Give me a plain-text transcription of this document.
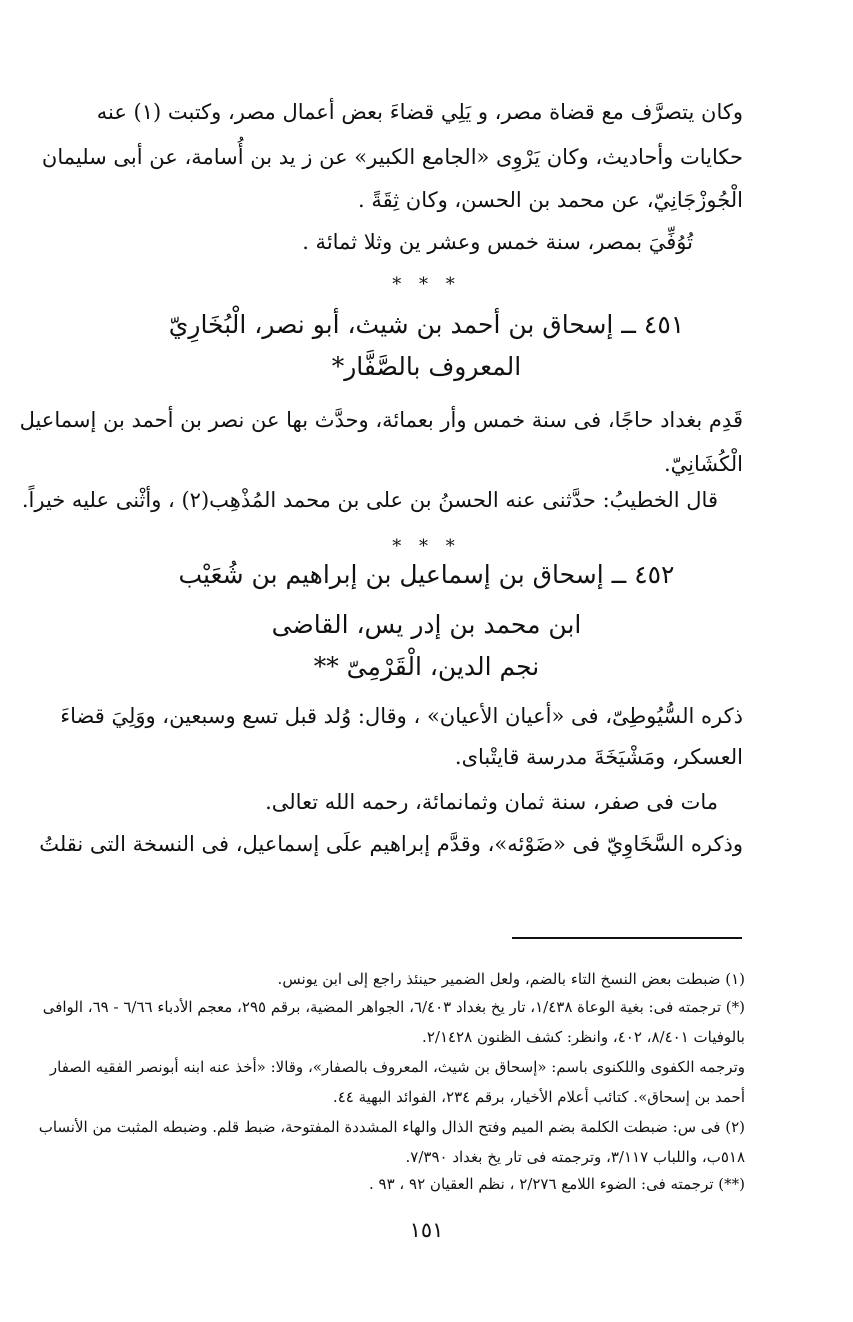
وكان يتصرَّف مع قضاة مصر، و يَلِي قضاءَ بعض أعمال مصر، وكتبت (١) عنه
حكايات وأحاديث، وكان يَرْوِى «الجامع الكبير» عن ز يد بن أُسامة، عن أبى سليمان
الْجُوزْجَانِيّ، عن محمد بن الحسن، وكان ثِقَةً .
تُوُفِّيَ بمصر، سنة خمس وعشر ين وثلا ثمائة .
* * *
٤٥١ ــ إسحاق بن أحمد بن شيث، أبو نصر، الْبُخَارِيّ
المعروف بالصَّفَّار*
قَدِم بغداد حاجًا، فى سنة خمس وأر بعمائة، وحدَّث بها عن نصر بن أحمد بن إسماعيل
الْكُشَانِيّ.
قال الخطيبُ: حدَّثنى عنه الحسنُ بن على بن محمد المُذْهِب(٢) ، وأثْنى عليه خيراً.
* * *
٤٥٢ ــ إسحاق بن إسماعيل بن إبراهيم بن شُعَيْب
ابن محمد بن إدر يس، القاضى
نجم الدين، الْقَرْمِىّ **
ذكره السُّيُوطِىّ، فى «أعيان الأعيان» ، وقال: وُلد قبل تسع وسبعين، ووَلِيَ قضاءَ
العسكر، ومَشْيَخَةَ مدرسة قايتْباى.
مات فى صفر، سنة ثمان وثمانمائة، رحمه الله تعالى.
وذكره السَّخَاوِيّ فى «ضَوْئه»، وقدَّم إبراهيم علَى إسماعيل، فى النسخة التى نقلتُ
(١) ضبطت بعض النسخ التاء بالضم، ولعل الضمير حينئذ راجع إلى ابن يونس.
(*) ترجمته فى: بغية الوعاة ١/٤٣٨، تار يخ بغداد ٦/٤٠٣، الجواهر المضية، برقم ٢٩٥، معجم الأدباء ٦/٦٦ - ٦٩، الوافى
بالوفيات ٨/٤٠١، ٤٠٢، وانظر: كشف الظنون ٢/١٤٢٨.
وترجمه الكفوى واللكنوى باسم: «إسحاق بن شيث، المعروف بالصفار»، وقالا: «أخذ عنه ابنه أبونصر الفقيه الصفار
أحمد بن إسحاق». كتائب أعلام الأخيار، برقم ٢٣٤، الفوائد البهية ٤٤.
(٢) فى س: ضبطت الكلمة بضم الميم وفتح الذال والهاء المشددة المفتوحة، ضبط قلم. وضبطه المثبت من الأنساب
٥١٨ب، واللباب ٣/١١٧، وترجمته فى تار يخ بغداد ٧/٣٩٠.
(**) ترجمته فى: الضوء اللامع ٢/٢٧٦ ، نظم العقيان ٩٢ ، ٩٣ .
١٥١
